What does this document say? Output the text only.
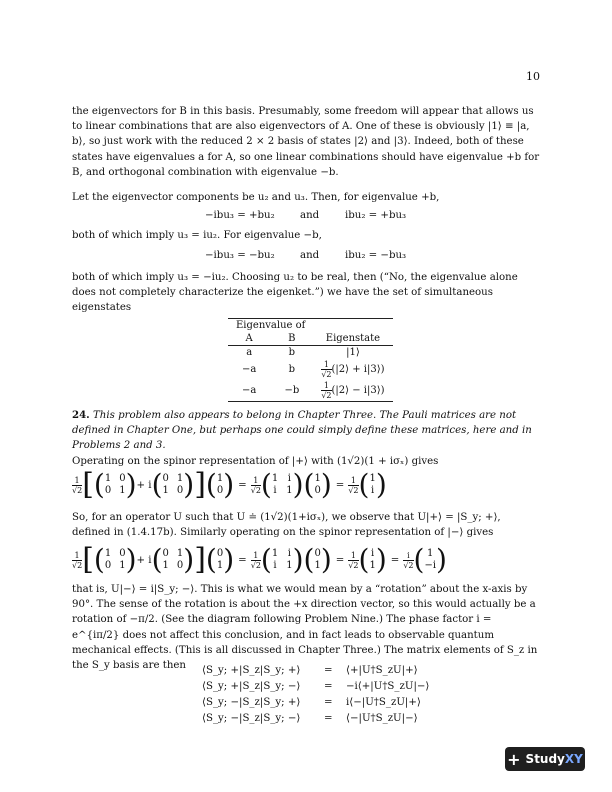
10

the eigenvectors for B in this basis. Presumably, some freedom will appear that allows us to linear combinations that are also eigenvectors of A. One of these is obviously |1⟩ ≡ |a, b⟩, so just work with the reduced 2 × 2 basis of states |2⟩ and |3⟩. Indeed, both of these states have eigenvalues a for A, so one linear combinations should have eigenvalue +b for B, and orthogonal combination with eigenvalue −b.

Let the eigenvector components be u₂ and u₃. Then, for eigenvalue +b,

−ibu₃ = +bu₂ and	ibu₂ = +bu₃

both of which imply u₃ = iu₂. For eigenvalue −b,

−ibu₃ = −bu₂ and	ibu₂ = −bu₃

both of which imply u₃ = −iu₂. Choosing u₂ to be real, then (“No, the eigenvalue alone does not completely characterize the eigenket.”) we have the set of simultaneous eigenstates

Eigenvalue of		
A	B	Eigenstate
a	b	|1⟩
−a	b	$\frac{1}{√2}$ (|2⟩ + i|3⟩)
−a	−b	$\frac{1}{√2}$ (|2⟩ − i|3⟩)

24. This problem also appears to belong in Chapter Three. The Pauli matrices are not defined in Chapter One, but perhaps one could simply define these matrices, here and in Problems 2 and 3.

Operating on the spinor representation of |+⟩ with (1√2)(1 + iσₓ) gives

$\frac{1}{√2}$ [ ( 1 0
0 1 ) + i ( 0 1
1 0 ) ] ( 1
0 ) = $\frac{1}{√2}$ ( 1 i
i 1 ) ( 1
0 ) = $\frac{1}{√2}$ ( 1
i )

So, for an operator U such that U ≐ (1√2)(1+iσₓ), we observe that U|+⟩ = |S_y; +⟩, defined in (1.4.17b). Similarly operating on the spinor representation of |−⟩ gives

$\frac{1}{√2}$ [ ( 1 0
0 1 ) + i ( 0 1
1 0 ) ] ( 0
1 ) = $\frac{1}{√2}$ ( 1 i
i 1 ) ( 0
1 ) = $\frac{1}{√2}$ ( i
1 ) = $\frac{i}{√2}$ ( 1
−i )

that is, U|−⟩ = i|S_y; −⟩. This is what we would mean by a “rotation” about the x-axis by 90°. The sense of the rotation is about the +x direction vector, so this would actually be a rotation of −π/2. (See the diagram following Problem Nine.) The phase factor i = e^{iπ/2} does not affect this conclusion, and in fact leads to observable quantum mechanical effects. (This is all discussed in Chapter Three.) The matrix elements of S_z in the S_y basis are then	⟨S_y; +|S_z|S_y; +⟩ = ⟨+|U†S_zU|+⟩
⟨S_y; +|S_z|S_y; −⟩ = −i⟨+|U†S_zU|−⟩
⟨S_y; −|S_z|S_y; +⟩ = i⟨−|U†S_zU|+⟩
⟨S_y; −|S_z|S_y; −⟩ = ⟨−|U†S_zU|−⟩
+ StudyXY
